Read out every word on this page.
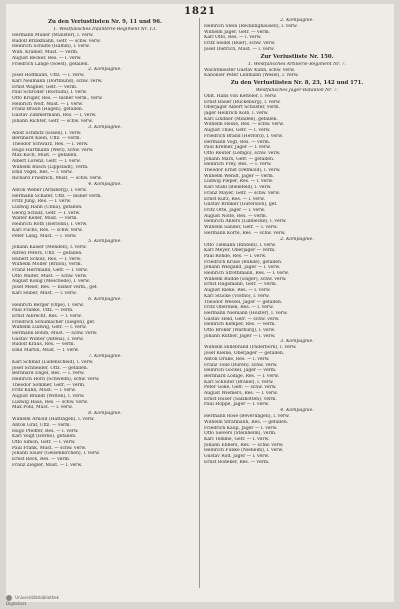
1821
Zu den Verlustlisten Nr. 9, 11 und 96.
1. Westfälisches Infanterie-Regiment Nr. 13.
Hermann Müller (Münster), l. verw.
Rudolf Brinkmann, Gefr. — schw. verw.
Heinrich Schulte (Hamm), l. verw.
Wilh. Kramer, Must. — verm.
August Becker, Res. — l. verw.
Friedrich Lange (Soest), gefallen.
2. Kompagnie.
Josef Hoffmann, Uffz. — l. verw.
Karl Neumann (Dortmund), schw. verw.
Ernst Wagner, Gefr. — verm.
Paul Schröder (Bochum), l. verw.
Otto Krüger, Res. — bisher verm., verw.
Heinrich Wolf, Must. — l. verw.
Franz Braun (Hagen), gefallen.
Gustav Zimmermann, Res. — l. verw.
Johann Richter, Gefr. — schw. verw.
3. Kompagnie.
Adolf Schmitz (Essen), l. verw.
Bernhard Klein, Uffz. — verm.
Theodor Schwarz, Res. — l. verw.
Hugo Hartmann (Werl), schw. verw.
Max Koch, Must. — gefallen.
Albert Lorenz, Gefr. — l. verw.
Wilhelm Busch (Lippstadt), verm.
Emil Vogel, Res. — l. verw.
Richard Friedrich, Must. — schw. verw.
4. Kompagnie.
Anton Weber (Arnsberg), l. verw.
Hermann Schäfer, Uffz. — bisher verm.
Fritz Jung, Res. — l. verw.
Ludwig Hahn (Unna), gefallen.
Georg Schulz, Gefr. — l. verw.
Walter Keller, Must. — verm.
Heinrich Roth (Iserlohn), l. verw.
Karl Fuchs, Res. — schw. verw.
Peter Lang, Must. — l. verw.
5. Kompagnie.
Johann Kaiser (Menden), l. verw.
Alfred Peters, Uffz. — gefallen.
Hubert Scholz, Res. — l. verw.
Wilhelm Möller (Brilon), verm.
Franz Herrmann, Gefr. — l. verw.
Otto Walter, Must. — schw. verw.
August König (Meschede), l. verw.
Josef Meier, Res. — bisher verm., gef.
Karl Huber, Must. — l. verw.
6. Kompagnie.
Heinrich Berger (Olpe), l. verw.
Paul Franke, Uffz. — verm.
Ernst Albrecht, Res. — l. verw.
Friedrich Schumacher (Siegen), gef.
Wilhelm Ludwig, Gefr. — l. verw.
Hermann Böhm, Must. — schw. verw.
Gustav Winter (Altena), l. verw.
Rudolf Kraus, Res. — verm.
Emil Martin, Must. — l. verw.
7. Kompagnie.
Karl Schmid (Lüdenscheid), l. verw.
Josef Schneider, Uffz. — gefallen.
Bernhard Engel, Res. — l. verw.
Heinrich Horn (Schwelm), schw. verw.
Theodor Sommer, Gefr. — verm.
Fritz Kühn, Must. — l. verw.
August Brandt (Witten), l. verw.
Ludwig Haas, Res. — schw. verw.
Max Pohl, Must. — l. verw.
8. Kompagnie.
Wilhelm Arnold (Hattingen), l. verw.
Anton Graf, Uffz. — verm.
Hugo Pfeiffer, Res. — l. verw.
Karl Voigt (Herne), gefallen.
Otto Simon, Gefr. — l. verw.
Paul Frank, Must. — schw. verw.
Johann Sauer (Gelsenkirchen), l. verw.
Ernst Beck, Res. — verm.
Franz Ziegler, Must. — l. verw.
2. Kompagnie.
Heinrich Stein (Recklinghausen), l. verw.
Wilhelm Jäger, Gefr. — verm.
Karl Otto, Res. — l. verw.
Fritz Seidel (Buer), schw. verw.
Josef Dietrich, Must. — l. verw.
Zur Verlustliste Nr. 150.
1. Westfälisches Artillerie-Regiment Nr. 7.
Wachtmeister Gustav Kuhn, schw. verw.
Kanonier Peter Lehmann (Wesel), l. verw.
Zu den Verlustlisten Nr. 8, 23, 142 und 171.
Westfälisches Jäger-Bataillon Nr. 7.
Oblt. Hans von Ketteler, l. verw.
Ernst Bauer (Bückeburg), l. verw.
Oberjäger Albert Schuster, verm.
Jäger Heinrich Kolb, l. verw.
Karl Lindner (Minden), gefallen.
Wilhelm Hesse, Res. — schw. verw.
August Thiel, Gefr. — l. verw.
Friedrich Brand (Herford), l. verw.
Hermann Vogt, Res. — verm.
Paul Kremer, Jäger — l. verw.
Otto Reuter (Lemgo), schw. verw.
Johann Marx, Gefr. — gefallen.
Heinrich Frey, Res. — l. verw.
Theodor Ernst (Detmold), l. verw.
Wilhelm Wendt, Jäger — verm.
Ludwig Pieper, Res. — l. verw.
Karl Stahl (Bielefeld), l. verw.
Franz Mayer, Gefr. — schw. verw.
Ernst Kurz, Res. — l. verw.
Gustav Brinker (Gütersloh), gef.
Fritz Otte, Jäger — l. verw.
August Nolte, Res. — verm.
Heinrich Ahlers (Lübbecke), l. verw.
Wilhelm Sander, Gefr. — l. verw.
Hermann Korte, Res. — schw. verw.
2. Kompagnie.
Otto Tiemann (Rinteln), l. verw.
Karl Meyer, Oberjäger — verm.
Paul Rohde, Res. — l. verw.
Friedrich Kruse (Bünde), gefallen.
Johann Wiegand, Jäger — l. verw.
Heinrich Strothmann, Res. — l. verw.
Wilhelm Budde (Enger), schw. verw.
Ernst Hagemann, Gefr. — verm.
August Rieke, Res. — l. verw.
Karl Stucke (Vlotho), l. verw.
Theodor Wessel, Jäger — gefallen.
Fritz Oberdiek, Res. — l. verw.
Hermann Niemann (Höxter), l. verw.
Gustav Held, Gefr. — schw. verw.
Heinrich Kemper, Res. — verm.
Otto Bröker (Warburg), l. verw.
Johann Rüther, Jäger — l. verw.
3. Kompagnie.
Wilhelm Hillebrand (Paderborn), l. verw.
Josef Kleine, Oberjäger — gefallen.
Anton Drüke, Res. — l. verw.
Franz Tölle (Büren), schw. verw.
Heinrich Gockel, Jäger — verm.
Bernhard Lödige, Res. — l. verw.
Karl Schlüter (Brakel), l. verw.
Peter Göke, Gefr. — schw. verw.
August Wiemers, Res. — l. verw.
Ernst Hüser (Salzkotten), verm.
Paul Hoppe, Jäger — l. verw.
4. Kompagnie.
Hermann Rose (Beverungen), l. verw.
Wilhelm Stratmann, Res. — gefallen.
Friedrich Kaup, Jäger — l. verw.
Otto Sievers (Steinheim), verm.
Karl Temme, Gefr. — l. verw.
Johann Ebbers, Res. — schw. verw.
Heinrich Funke (Nieheim), l. verw.
Gustav Rolf, Jäger — l. verw.
Ernst Bödeker, Res. — verm.
Universitätsbibliothek
Digitalisat
